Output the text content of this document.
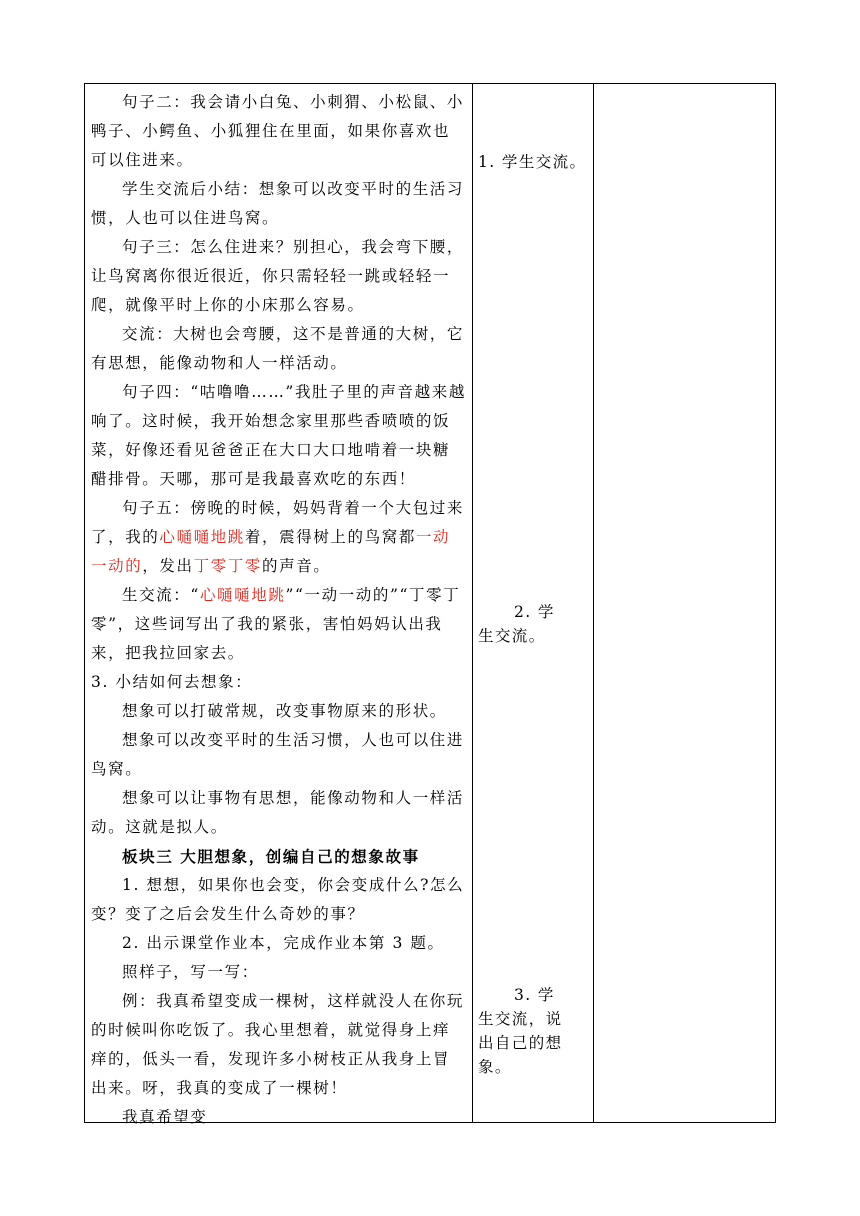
句子二：我会请小白兔、小刺猬、小松鼠、小鸭子、小鳄鱼、小狐狸住在里面，如果你喜欢也可以住进来。

学生交流后小结：想象可以改变平时的生活习惯，人也可以住进鸟窝。

句子三：怎么住进来？别担心，我会弯下腰，让鸟窝离你很近很近，你只需轻轻一跳或轻轻一爬，就像平时上你的小床那么容易。

交流：大树也会弯腰，这不是普通的大树，它有思想，能像动物和人一样活动。

句子四：“咕噜噜……”我肚子里的声音越来越响了。这时候，我开始想念家里那些香喷喷的饭菜，好像还看见爸爸正在大口大口地啃着一块糖醋排骨。天哪，那可是我最喜欢吃的东西！

句子五：傍晚的时候，妈妈背着一个大包过来了，我的心嗵嗵地跳着，震得树上的鸟窝都一动一动的，发出丁零丁零的声音。

生交流：“心嗵嗵地跳”“一动一动的”“丁零丁零”，这些词写出了我的紧张，害怕妈妈认出我来，把我拉回家去。

3. 小结如何去想象：

想象可以打破常规，改变事物原来的形状。

想象可以改变平时的生活习惯，人也可以住进鸟窝。

想象可以让事物有思想，能像动物和人一样活动。这就是拟人。

板块三 大胆想象，创编自己的想象故事

1. 想想，如果你也会变，你会变成什么?怎么变？变了之后会发生什么奇妙的事？

2. 出示课堂作业本，完成作业本第 3 题。

照样子，写一写：

例：我真希望变成一棵树，这样就没人在你玩的时候叫你吃饭了。我心里想着，就觉得身上痒痒的，低头一看，发现许多小树枝正从我身上冒出来。呀，我真的变成了一棵树！

我真希望变

1. 学生交流。
2. 学生交流。
3. 学生交流，说出自己的想象。
